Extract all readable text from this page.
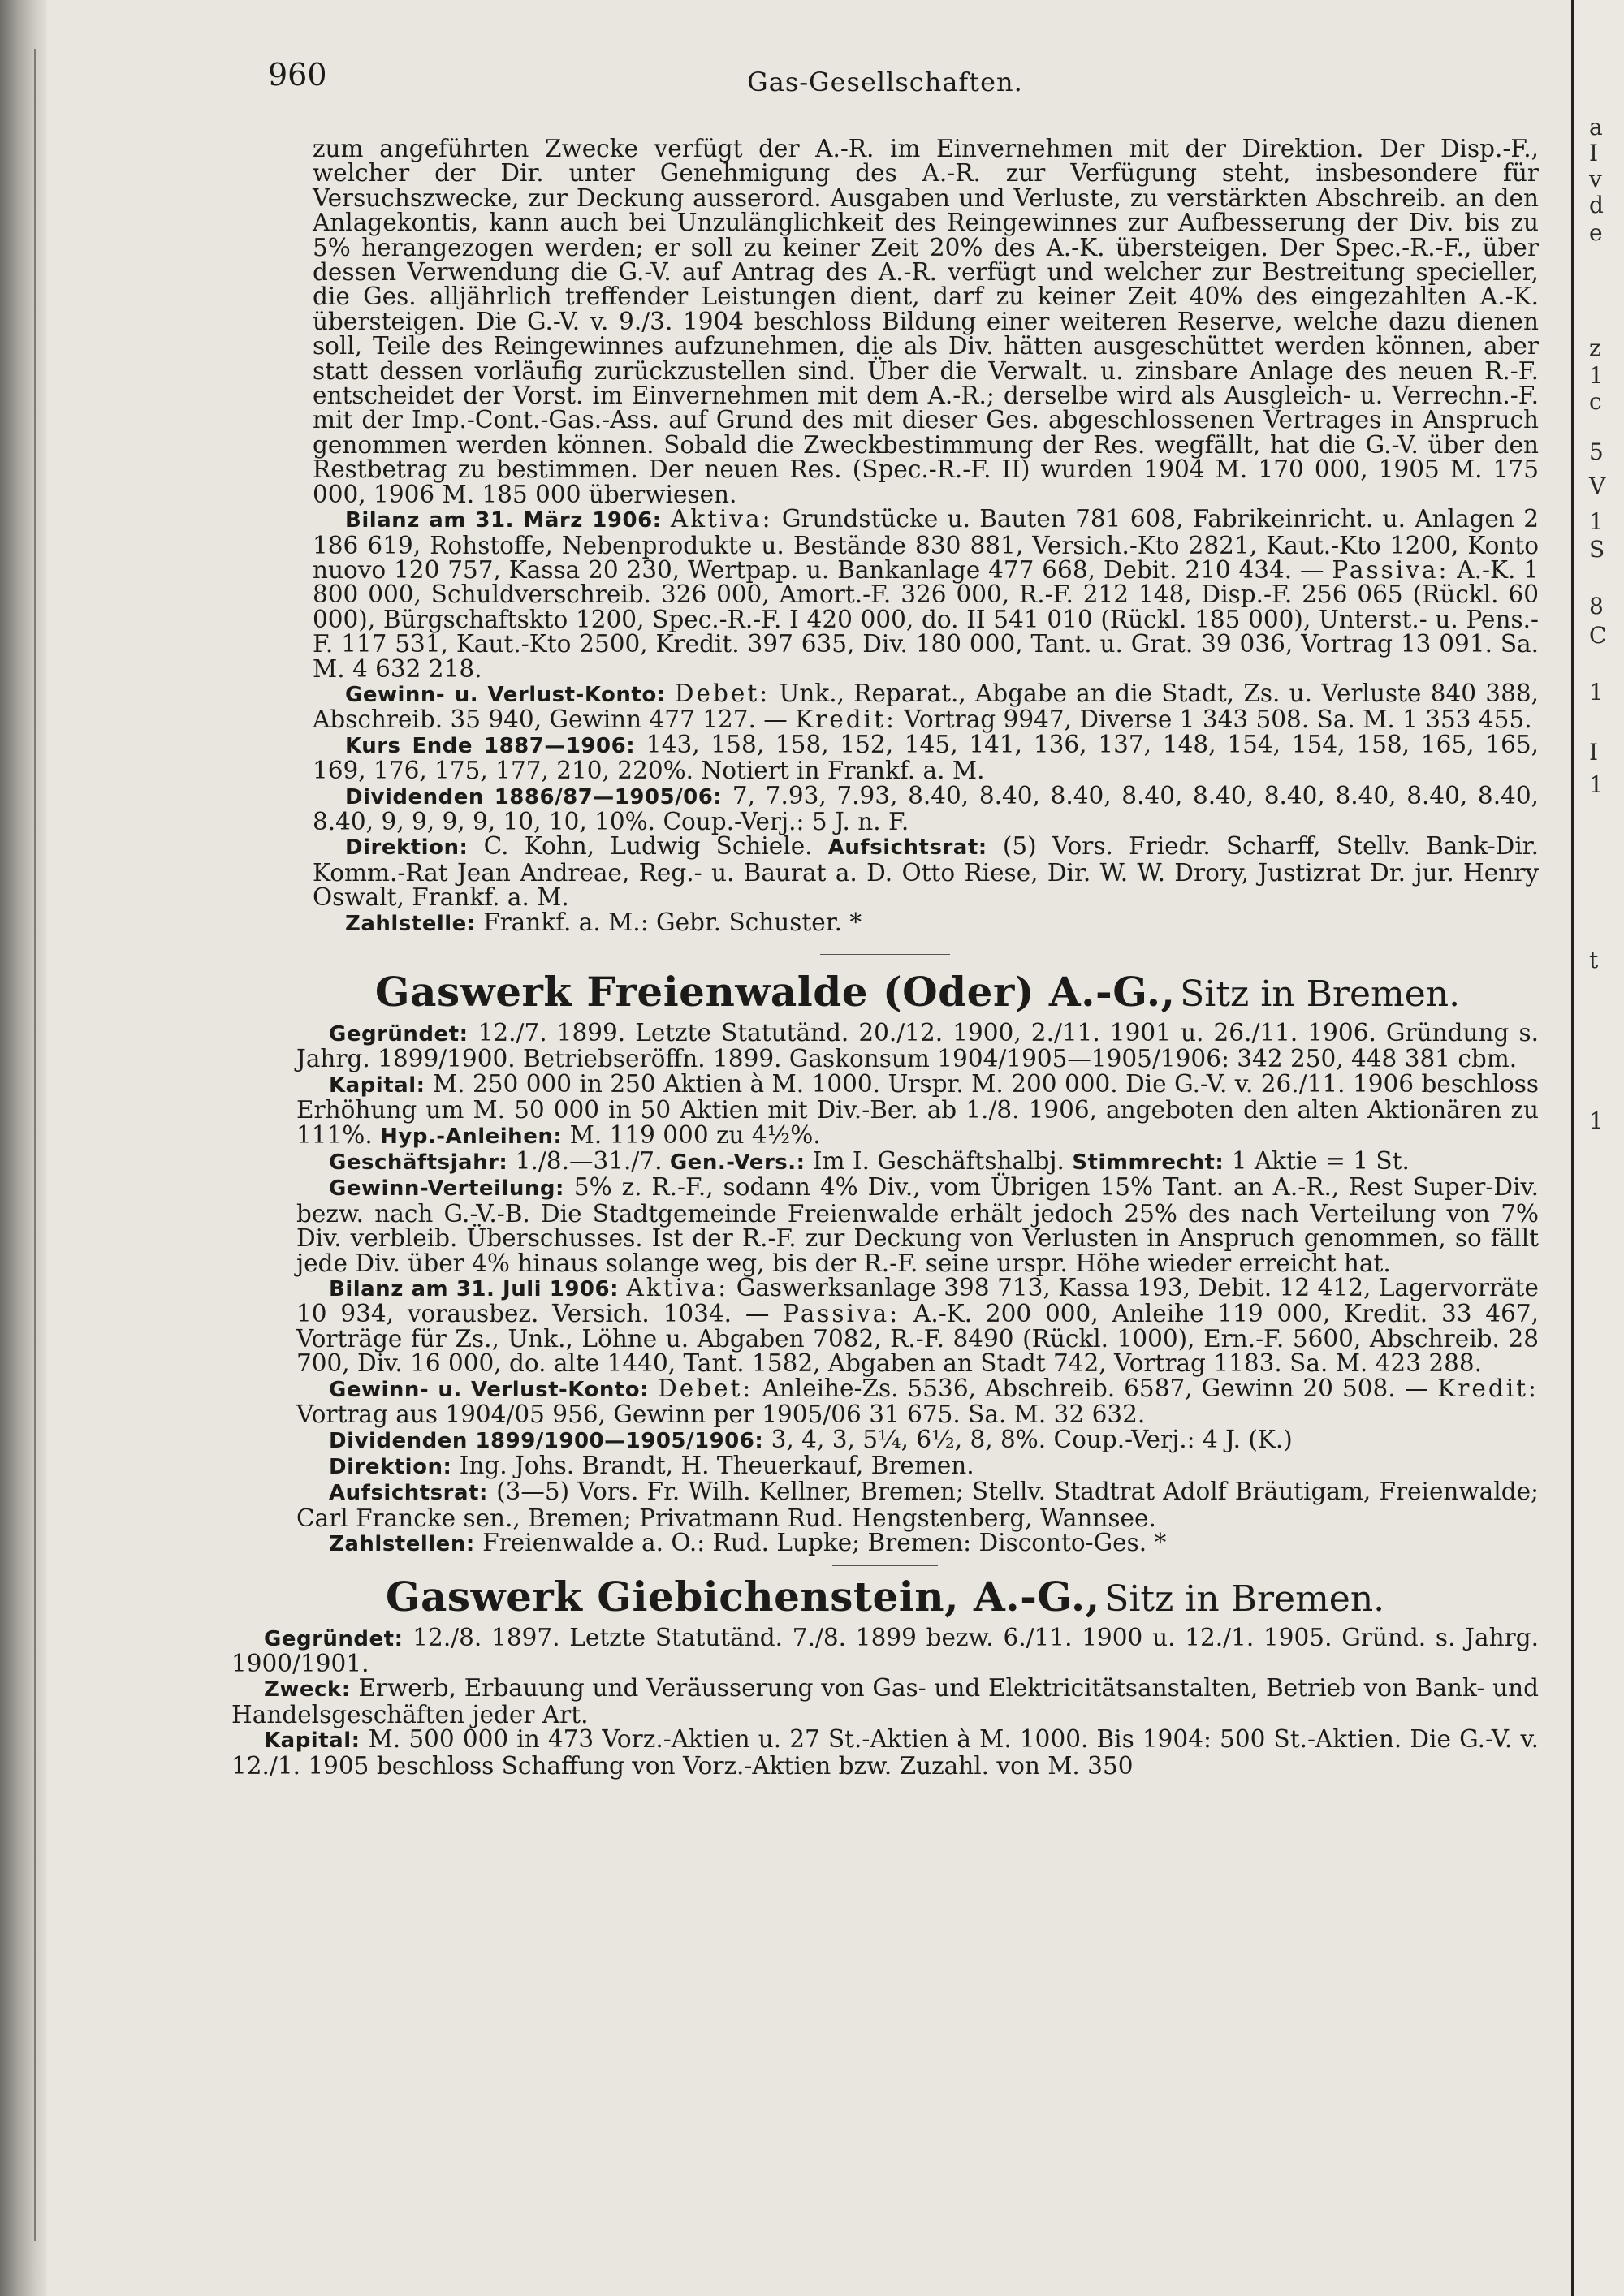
a
I
v
d
e
z
1
c
5
V
1
S
8
C
1
I
1
t
1
960	Gas-Gesellschaften.

zum angeführten Zwecke verfügt der A.-R. im Einvernehmen mit der Direktion. Der Disp.-F., welcher der Dir. unter Genehmigung des A.-R. zur Verfügung steht, insbesondere für Versuchszwecke, zur Deckung ausserord. Ausgaben und Verluste, zu verstärkten Abschreib. an den Anlagekontis, kann auch bei Unzulänglichkeit des Reingewinnes zur Aufbesserung der Div. bis zu 5% herangezogen werden; er soll zu keiner Zeit 20% des A.-K. übersteigen. Der Spec.-R.-F., über dessen Verwendung die G.-V. auf Antrag des A.-R. verfügt und welcher zur Bestreitung specieller, die Ges. alljährlich treffender Leistungen dient, darf zu keiner Zeit 40% des eingezahlten A.-K. übersteigen. Die G.-V. v. 9./3. 1904 beschloss Bildung einer weiteren Reserve, welche dazu dienen soll, Teile des Reingewinnes aufzunehmen, die als Div. hätten ausgeschüttet werden können, aber statt dessen vorläufig zurückzustellen sind. Über die Verwalt. u. zinsbare Anlage des neuen R.-F. entscheidet der Vorst. im Einvernehmen mit dem A.-R.; derselbe wird als Ausgleich- u. Verrechn.-F. mit der Imp.-Cont.-Gas.-Ass. auf Grund des mit dieser Ges. abgeschlossenen Vertrages in Anspruch genommen werden können. Sobald die Zweckbestimmung der Res. wegfällt, hat die G.-V. über den Restbetrag zu bestimmen. Der neuen Res. (Spec.-R.-F. II) wurden 1904 M. 170 000, 1905 M. 175 000, 1906 M. 185 000 überwiesen.

Bilanz am 31. März 1906: Aktiva: Grundstücke u. Bauten 781 608, Fabrikeinricht. u. Anlagen 2 186 619, Rohstoffe, Nebenprodukte u. Bestände 830 881, Versich.-Kto 2821, Kaut.-Kto 1200, Konto nuovo 120 757, Kassa 20 230, Wertpap. u. Bankanlage 477 668, Debit. 210 434. — Passiva: A.-K. 1 800 000, Schuldverschreib. 326 000, Amort.-F. 326 000, R.-F. 212 148, Disp.-F. 256 065 (Rückl. 60 000), Bürgschaftskto 1200, Spec.-R.-F. I 420 000, do. II 541 010 (Rückl. 185 000), Unterst.- u. Pens.-F. 117 531, Kaut.-Kto 2500, Kredit. 397 635, Div. 180 000, Tant. u. Grat. 39 036, Vortrag 13 091. Sa. M. 4 632 218.

Gewinn- u. Verlust-Konto: Debet: Unk., Reparat., Abgabe an die Stadt, Zs. u. Verluste 840 388, Abschreib. 35 940, Gewinn 477 127. — Kredit: Vortrag 9947, Diverse 1 343 508. Sa. M. 1 353 455.

Kurs Ende 1887—1906: 143, 158, 158, 152, 145, 141, 136, 137, 148, 154, 154, 158, 165, 165, 169, 176, 175, 177, 210, 220%. Notiert in Frankf. a. M.

Dividenden 1886/87—1905/06: 7, 7.93, 7.93, 8.40, 8.40, 8.40, 8.40, 8.40, 8.40, 8.40, 8.40, 8.40, 8.40, 9, 9, 9, 9, 10, 10, 10%. Coup.-Verj.: 5 J. n. F.

Direktion: C. Kohn, Ludwig Schiele. Aufsichtsrat: (5) Vors. Friedr. Scharff, Stellv. Bank-Dir. Komm.-Rat Jean Andreae, Reg.- u. Baurat a. D. Otto Riese, Dir. W. W. Drory, Justizrat Dr. jur. Henry Oswalt, Frankf. a. M.

Zahlstelle: Frankf. a. M.: Gebr. Schuster. *

Gaswerk Freienwalde (Oder) A.-G., Sitz in Bremen.

Gegründet: 12./7. 1899. Letzte Statutänd. 20./12. 1900, 2./11. 1901 u. 26./11. 1906. Gründung s. Jahrg. 1899/1900. Betriebseröffn. 1899. Gaskonsum 1904/1905—1905/1906: 342 250, 448 381 cbm.

Kapital: M. 250 000 in 250 Aktien à M. 1000. Urspr. M. 200 000. Die G.-V. v. 26./11. 1906 beschloss Erhöhung um M. 50 000 in 50 Aktien mit Div.-Ber. ab 1./8. 1906, angeboten den alten Aktionären zu 111%. Hyp.-Anleihen: M. 119 000 zu 4½%.

Geschäftsjahr: 1./8.—31./7. Gen.-Vers.: Im I. Geschäftshalbj. Stimmrecht: 1 Aktie = 1 St.

Gewinn-Verteilung: 5% z. R.-F., sodann 4% Div., vom Übrigen 15% Tant. an A.-R., Rest Super-Div. bezw. nach G.-V.-B. Die Stadtgemeinde Freienwalde erhält jedoch 25% des nach Verteilung von 7% Div. verbleib. Überschusses. Ist der R.-F. zur Deckung von Verlusten in Anspruch genommen, so fällt jede Div. über 4% hinaus solange weg, bis der R.-F. seine urspr. Höhe wieder erreicht hat.

Bilanz am 31. Juli 1906: Aktiva: Gaswerksanlage 398 713, Kassa 193, Debit. 12 412, Lagervorräte 10 934, vorausbez. Versich. 1034. — Passiva: A.-K. 200 000, Anleihe 119 000, Kredit. 33 467, Vorträge für Zs., Unk., Löhne u. Abgaben 7082, R.-F. 8490 (Rückl. 1000), Ern.-F. 5600, Abschreib. 28 700, Div. 16 000, do. alte 1440, Tant. 1582, Abgaben an Stadt 742, Vortrag 1183. Sa. M. 423 288.

Gewinn- u. Verlust-Konto: Debet: Anleihe-Zs. 5536, Abschreib. 6587, Gewinn 20 508. — Kredit: Vortrag aus 1904/05 956, Gewinn per 1905/06 31 675. Sa. M. 32 632.

Dividenden 1899/1900—1905/1906: 3, 4, 3, 5¼, 6½, 8, 8%. Coup.-Verj.: 4 J. (K.)

Direktion: Ing. Johs. Brandt, H. Theuerkauf, Bremen.

Aufsichtsrat: (3—5) Vors. Fr. Wilh. Kellner, Bremen; Stellv. Stadtrat Adolf Bräutigam, Freienwalde; Carl Francke sen., Bremen; Privatmann Rud. Hengstenberg, Wannsee.

Zahlstellen: Freienwalde a. O.: Rud. Lupke; Bremen: Disconto-Ges. *

Gaswerk Giebichenstein, A.-G., Sitz in Bremen.

Gegründet: 12./8. 1897. Letzte Statutänd. 7./8. 1899 bezw. 6./11. 1900 u. 12./1. 1905. Gründ. s. Jahrg. 1900/1901.

Zweck: Erwerb, Erbauung und Veräusserung von Gas- und Elektricitätsanstalten, Betrieb von Bank- und Handelsgeschäften jeder Art.

Kapital: M. 500 000 in 473 Vorz.-Aktien u. 27 St.-Aktien à M. 1000. Bis 1904: 500 St.-Aktien. Die G.-V. v. 12./1. 1905 beschloss Schaffung von Vorz.-Aktien bzw. Zuzahl. von M. 350
